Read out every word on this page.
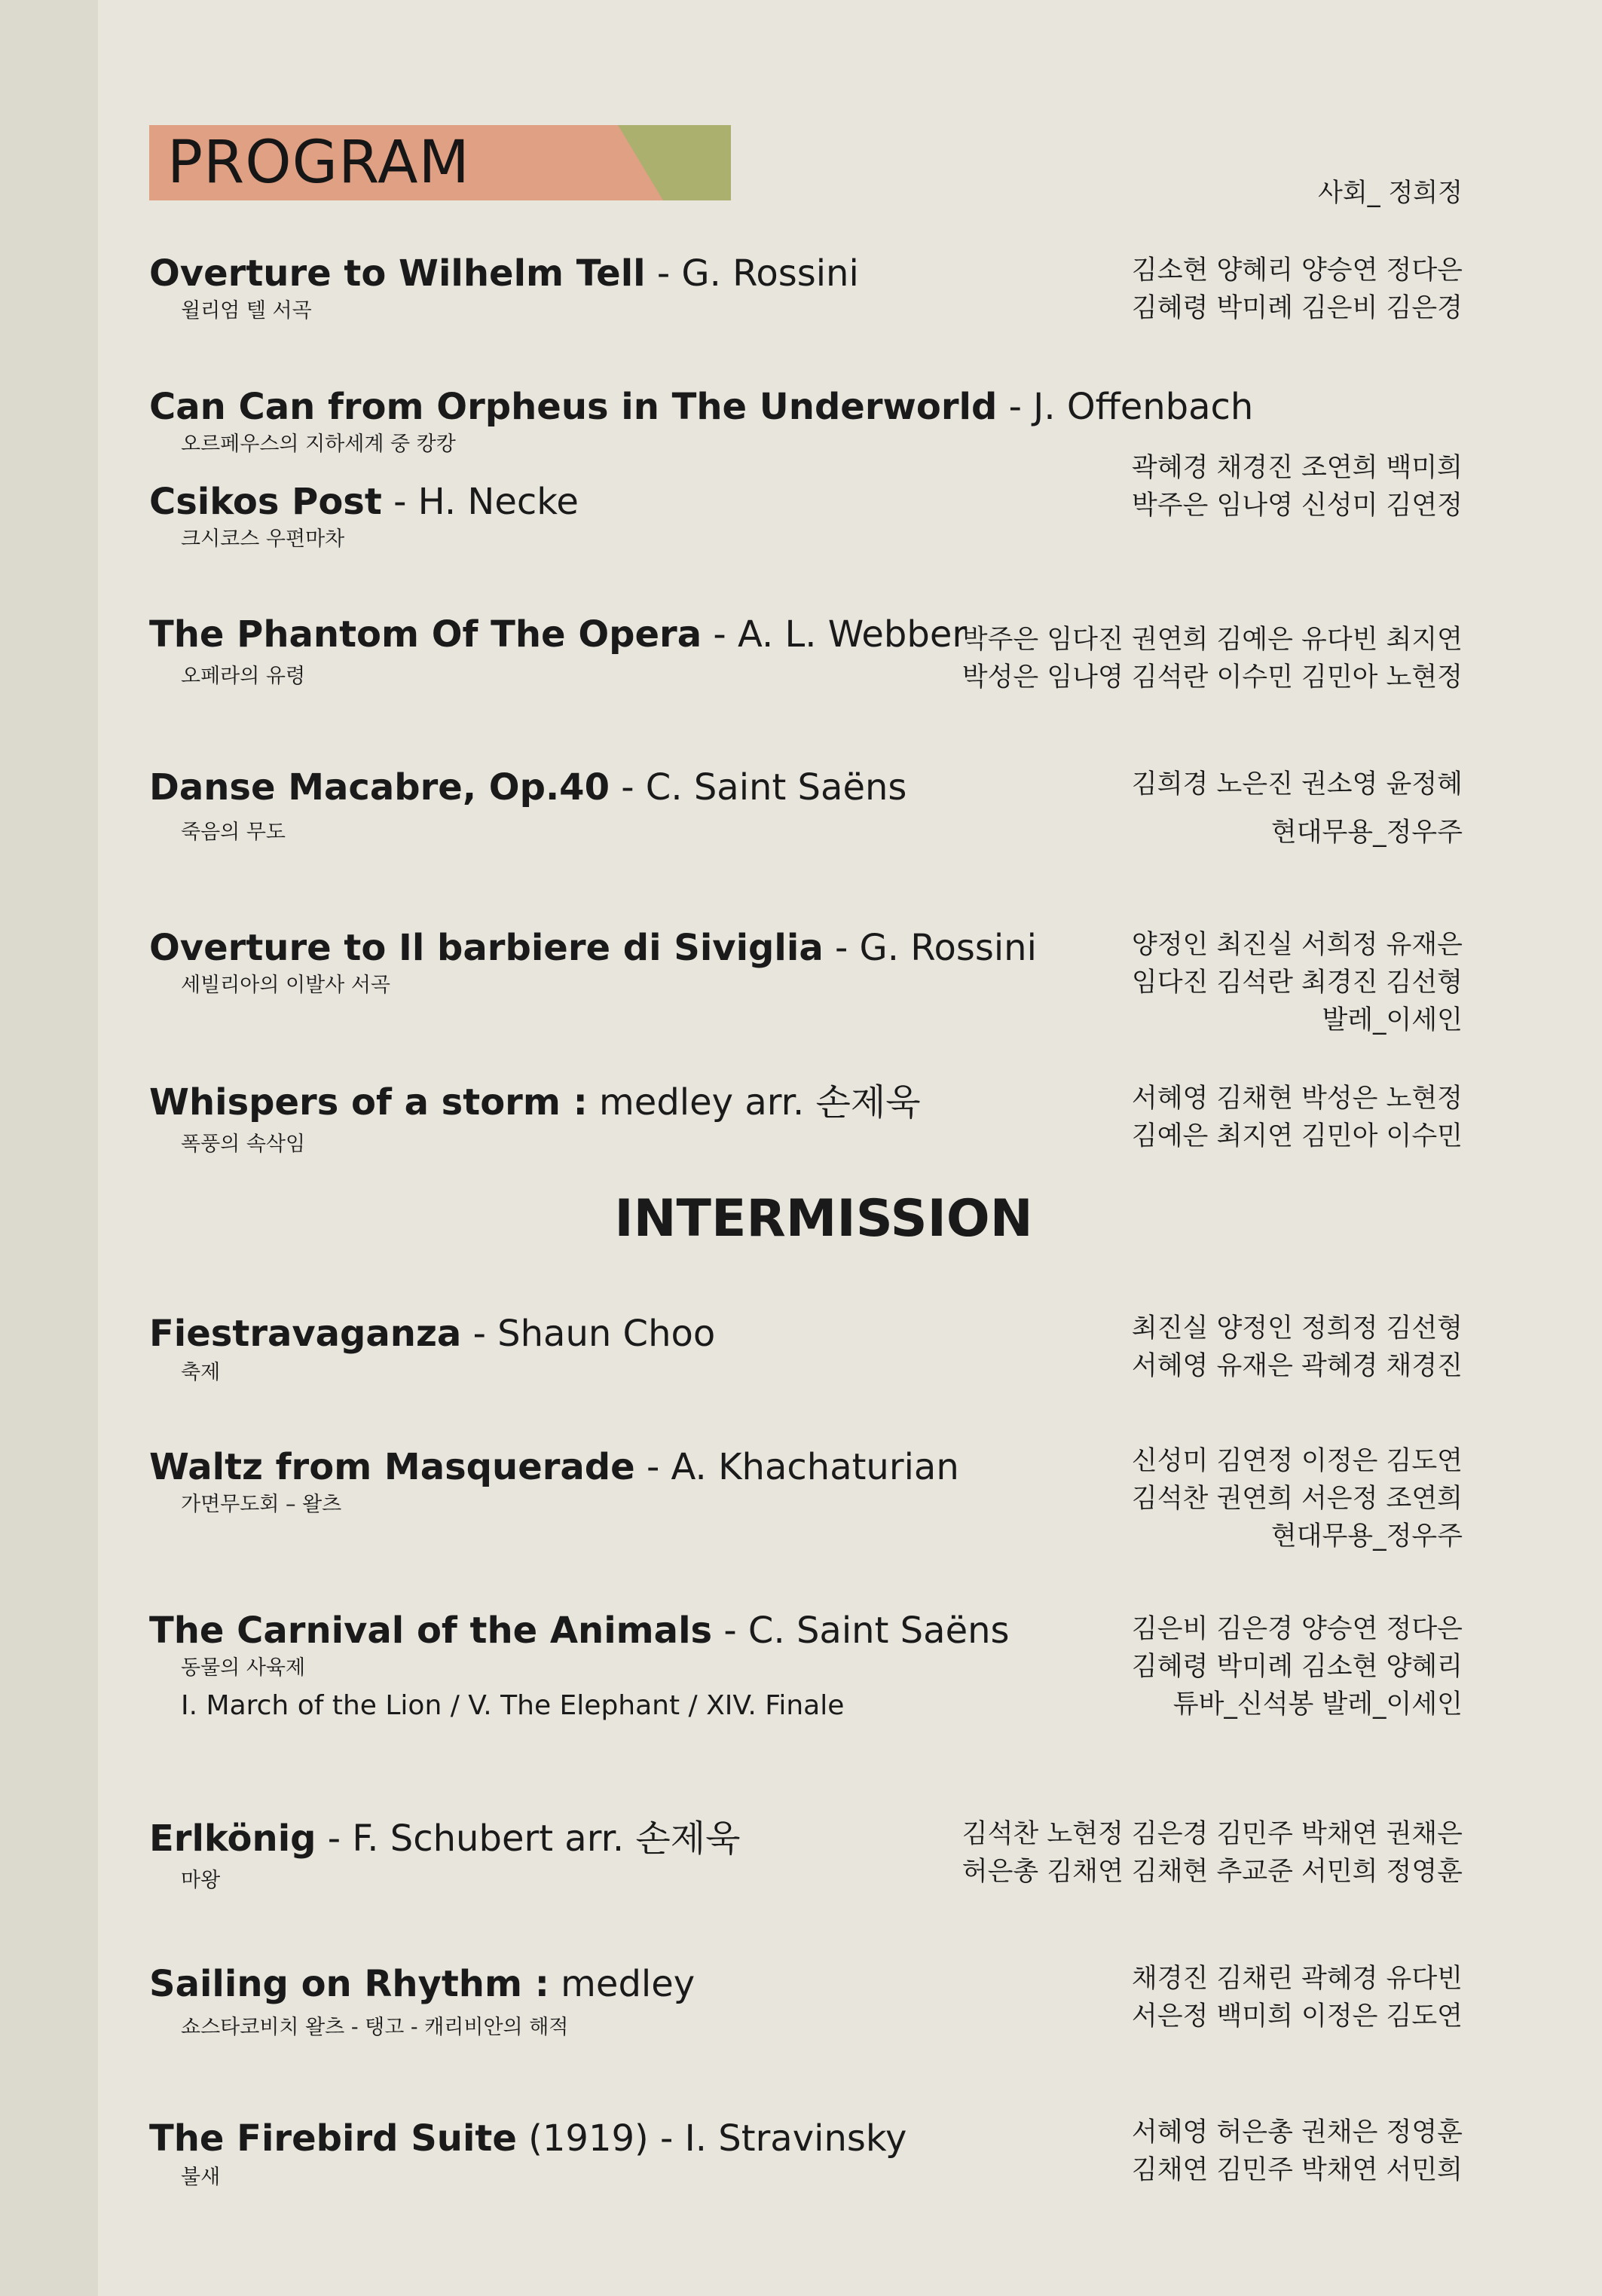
PROGRAM	사회_ 정희정
Overture to Wilhelm Tell - G. Rossini
윌리엄 텔 서곡
김소현 양혜리 양승연 정다은
김혜령 박미례 김은비 김은경
Can Can from Orpheus in The Underworld - J. Offenbach
오르페우스의 지하세계 중 캉캉
Csikos Post - H. Necke
크시코스 우편마차
곽혜경 채경진 조연희 백미희
박주은 임나영 신성미 김연정
The Phantom Of The Opera - A. L. Webber
오페라의 유령
박주은 임다진 권연희 김예은 유다빈 최지연
박성은 임나영 김석란 이수민 김민아 노현정
Danse Macabre, Op.40 - C. Saint Saëns
죽음의 무도
김희경 노은진 권소영 윤정혜
현대무용_정우주
Overture to Il barbiere di Siviglia - G. Rossini
세빌리아의 이발사 서곡
양정인 최진실 서희정 유재은
임다진 김석란 최경진 김선형
발레_이세인
Whispers of a storm : medley arr. 손제욱
폭풍의 속삭임
서혜영 김채현 박성은 노현정
김예은 최지연 김민아 이수민
INTERMISSION
Fiestravaganza - Shaun Choo
축제
최진실 양정인 정희정 김선형
서혜영 유재은 곽혜경 채경진
Waltz from Masquerade - A. Khachaturian
가면무도회 – 왈츠
신성미 김연정 이정은 김도연
김석찬 권연희 서은정 조연희
현대무용_정우주
The Carnival of the Animals - C. Saint Saëns
동물의 사육제
I. March of the Lion / V. The Elephant / XIV. Finale
김은비 김은경 양승연 정다은
김혜령 박미례 김소현 양혜리
튜바_신석봉 발레_이세인
Erlkönig - F. Schubert arr. 손제욱
마왕
김석찬 노현정 김은경 김민주 박채연 권채은
허은총 김채연 김채현 추교준 서민희 정영훈
Sailing on Rhythm : medley
쇼스타코비치 왈츠 - 탱고 - 캐리비안의 해적
채경진 김채린 곽혜경 유다빈
서은정 백미희 이정은 김도연
The Firebird Suite (1919) - I. Stravinsky
불새
서혜영 허은총 권채은 정영훈
김채연 김민주 박채연 서민희
